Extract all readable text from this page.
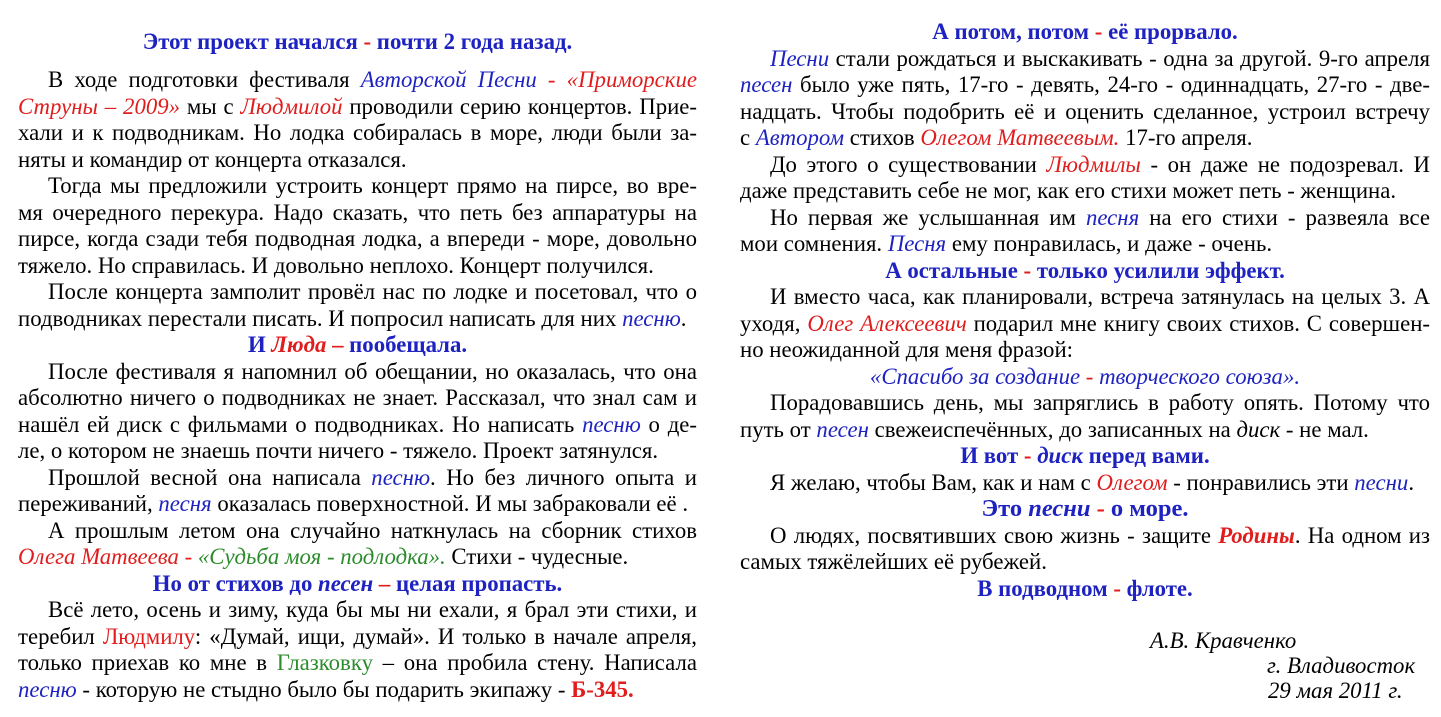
Этот проект начался - почти 2 года назад.
В ходе подготовки фестиваля Авторской Песни - «Приморские
Струны – 2009» мы с Людмилой проводили серию концертов. Прие-
хали и к подводникам. Но лодка собиралась в море, люди были за-
няты и командир от концерта отказался.
Тогда мы предложили устроить концерт прямо на пирсе, во вре-
мя очередного перекура. Надо сказать, что петь без аппаратуры на
пирсе, когда сзади тебя подводная лодка, а впереди - море, довольно
тяжело. Но справилась. И довольно неплохо. Концерт получился.
После концерта замполит провёл нас по лодке и посетовал, что о
подводниках перестали писать. И попросил написать для них песню.
И Люда – пообещала.
После фестиваля я напомнил об обещании, но оказалась, что она
абсолютно ничего о подводниках не знает. Рассказал, что знал сам и
нашёл ей диск с фильмами о подводниках. Но написать песню о де-
ле, о котором не знаешь почти ничего - тяжело. Проект затянулся.
Прошлой весной она написала песню. Но без личного опыта и
переживаний, песня оказалась поверхностной. И мы забраковали её .
А прошлым летом она случайно наткнулась на сборник стихов
Олега Матвеева - «Судьба моя - подлодка». Стихи - чудесные.
Но от стихов до песен – целая пропасть.
Всё лето, осень и зиму, куда бы мы ни ехали, я брал эти стихи, и
теребил Людмилу: «Думай, ищи, думай». И только в начале апреля,
только приехав ко мне в Глазковку – она пробила стену. Написала
песню - которую не стыдно было бы подарить экипажу - Б-345.
А потом, потом - её прорвало.
Песни стали рождаться и выскакивать - одна за другой. 9-го апреля
песен было уже пять, 17-го - девять, 24-го - одиннадцать, 27-го - две-
надцать. Чтобы подобрить её и оценить сделанное, устроил встречу
с Автором стихов Олегом Матвеевым. 17-го апреля.
До этого о существовании Людмилы - он даже не подозревал. И
даже представить себе не мог, как его стихи может петь - женщина.
Но первая же услышанная им песня на его стихи - развеяла все
мои сомнения. Песня ему понравилась, и даже - очень.
А остальные - только усилили эффект.
И вместо часа, как планировали, встреча затянулась на целых 3. А
уходя, Олег Алексеевич подарил мне книгу своих стихов. С совершен-
но неожиданной для меня фразой:
«Спасибо за создание - творческого союза».
Порадовавшись день, мы запряглись в работу опять. Потому что
путь от песен свежеиспечённых, до записанных на диск - не мал.
И вот - диск перед вами.
Я желаю, чтобы Вам, как и нам с Олегом - понравились эти песни.
Это песни - о море.
О людях, посвятивших свою жизнь - защите Родины. На одном из
самых тяжёлейших её рубежей.
В подводном - флоте.
А.В. Кравченко
г. Владивосток
29 мая 2011 г.
